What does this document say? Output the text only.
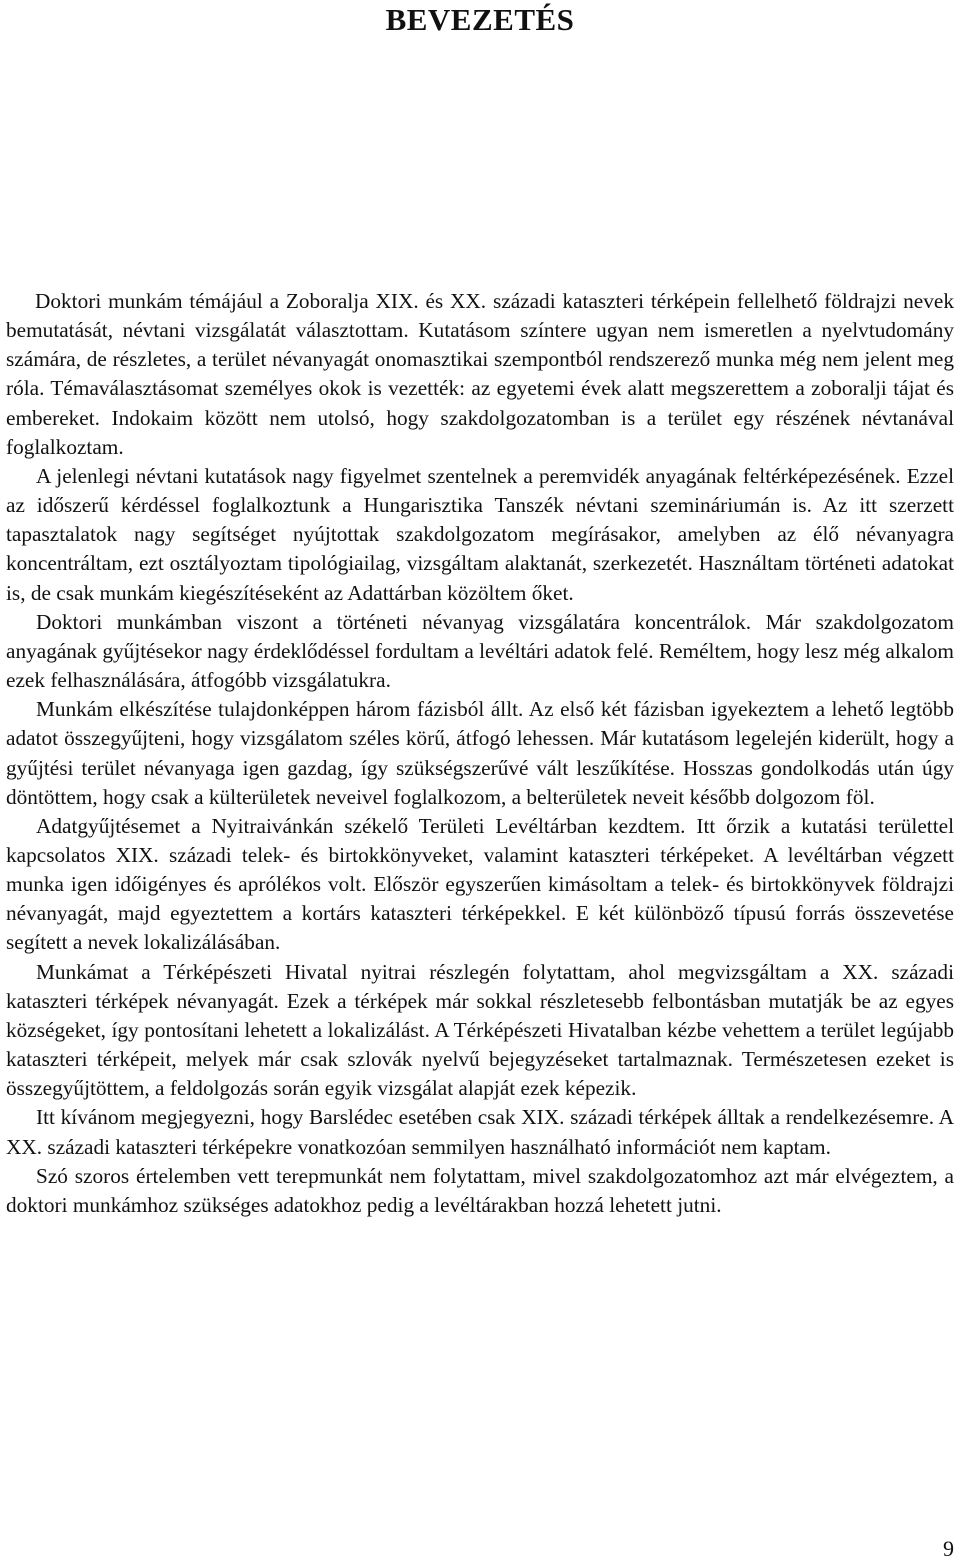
BEVEZETÉS

Doktori munkám témájául a Zoboralja XIX. és XX. századi kataszteri térképein fellelhető földrajzi nevek bemutatását, névtani vizsgálatát választottam. Kutatásom színtere ugyan nem ismeretlen a nyelvtudomány számára, de részletes, a terület névanyagát onomasztikai szempontból rendszerező munka még nem jelent meg róla. Témaválasztásomat személyes okok is vezették: az egyetemi évek alatt megszerettem a zoboralji tájat és embereket. Indokaim között nem utolsó, hogy szakdolgozatomban is a terület egy részének névtanával foglalkoztam.

A jelenlegi névtani kutatások nagy figyelmet szentelnek a peremvidék anyagának feltérképezésének. Ezzel az időszerű kérdéssel foglalkoztunk a Hungarisztika Tanszék névtani szemináriumán is. Az itt szerzett tapasztalatok nagy segítséget nyújtottak szakdolgozatom megírásakor, amelyben az élő névanyagra koncentráltam, ezt osztályoztam tipológiailag, vizsgáltam alaktanát, szerkezetét. Használtam történeti adatokat is, de csak munkám kiegészítéseként az Adattárban közöltem őket.

Doktori munkámban viszont a történeti névanyag vizsgálatára koncentrálok. Már szakdolgozatom anyagának gyűjtésekor nagy érdeklődéssel fordultam a levéltári adatok felé. Reméltem, hogy lesz még alkalom ezek felhasználására, átfogóbb vizsgálatukra.

Munkám elkészítése tulajdonképpen három fázisból állt. Az első két fázisban igyekeztem a lehető legtöbb adatot összegyűjteni, hogy vizsgálatom széles körű, átfogó lehessen. Már kutatásom legelején kiderült, hogy a gyűjtési terület névanyaga igen gazdag, így szükségszerűvé vált leszűkítése. Hosszas gondolkodás után úgy döntöttem, hogy csak a külterületek neveivel foglalkozom, a belterületek neveit később dolgozom föl.

Adatgyűjtésemet a Nyitraivánkán székelő Területi Levéltárban kezdtem. Itt őrzik a kutatási területtel kapcsolatos XIX. századi telek- és birtokkönyveket, valamint kataszteri térképeket. A levéltárban végzett munka igen időigényes és aprólékos volt. Először egyszerűen kimásoltam a telek- és birtokkönyvek földrajzi névanyagát, majd egyeztettem a kortárs kataszteri térképekkel. E két különböző típusú forrás összevetése segített a nevek lokalizálásában.

Munkámat a Térképészeti Hivatal nyitrai részlegén folytattam, ahol megvizsgáltam a XX. századi kataszteri térképek névanyagát. Ezek a térképek már sokkal részletesebb felbontásban mutatják be az egyes községeket, így pontosítani lehetett a lokalizálást. A Térképészeti Hivatalban kézbe vehettem a terület legújabb kataszteri térképeit, melyek már csak szlovák nyelvű bejegyzéseket tartalmaznak. Természetesen ezeket is összegyűjtöttem, a feldolgozás során egyik vizsgálat alapját ezek képezik.

Itt kívánom megjegyezni, hogy Barslédec esetében csak XIX. századi térképek álltak a rendelkezésemre. A XX. századi kataszteri térképekre vonatkozóan semmilyen használható információt nem kaptam.

Szó szoros értelemben vett terepmunkát nem folytattam, mivel szakdolgozatomhoz azt már elvégeztem, a doktori munkámhoz szükséges adatokhoz pedig a levéltárakban hozzá lehetett jutni.

9
